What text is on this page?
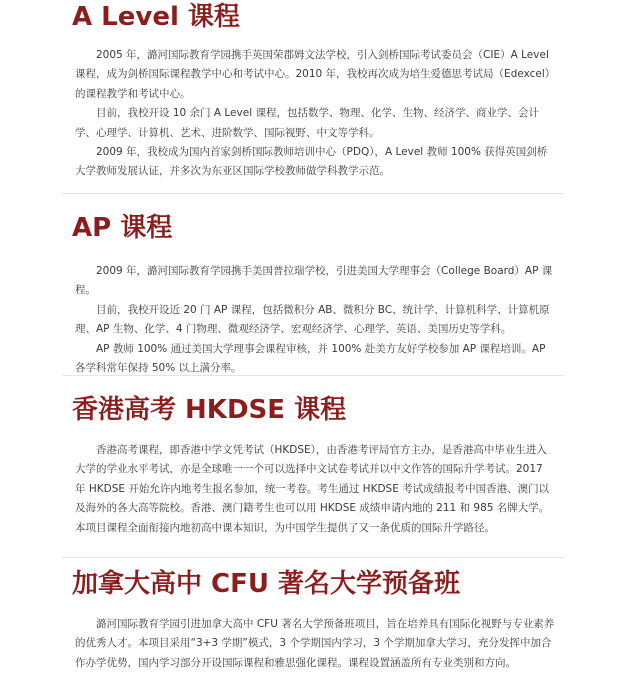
A Level 课程

2005 年，潞河国际教育学园携手英国荣郡姆文法学校，引入剑桥国际考试委员会（CIE）A Level 课程，成为剑桥国际课程教学中心和考试中心。2010 年，我校再次成为培生爱德思考试局（Edexcel）的课程教学和考试中心。

目前，我校开设 10 余门 A Level 课程，包括数学、物理、化学、生物、经济学、商业学、会计学、心理学、计算机、艺术、进阶数学、国际视野、中文等学科。

2009 年，我校成为国内首家剑桥国际教师培训中心（PDQ），A Level 教师 100% 获得英国剑桥大学教师发展认证，并多次为东亚区国际学校教师做学科教学示范。

AP 课程

2009 年，潞河国际教育学园携手美国普拉瑞学校，引进美国大学理事会（College Board）AP 课程。

目前，我校开设近 20 门 AP 课程，包括微积分 AB、微积分 BC、统计学、计算机科学、计算机原理、AP 生物、化学、4 门物理、微观经济学、宏观经济学、心理学、英语、美国历史等学科。

AP 教师 100% 通过美国大学理事会课程审核，并 100% 赴美方友好学校参加 AP 课程培训。AP 各学科常年保持 50% 以上满分率。

香港高考 HKDSE 课程

香港高考课程，即香港中学文凭考试（HKDSE），由香港考评局官方主办，是香港高中毕业生进入大学的学业水平考试，亦是全球唯一一个可以选择中文试卷考试并以中文作答的国际升学考试。2017 年 HKDSE 开始允许内地考生报名参加，统一考卷。考生通过 HKDSE 考试成绩报考中国香港、澳门以及海外的各大高等院校。香港、澳门籍考生也可以用 HKDSE 成绩申请内地的 211 和 985 名牌大学。本项目课程全面衔接内地初高中课本知识，为中国学生提供了又一条优质的国际升学路径。

加拿大高中 CFU 著名大学预备班

潞河国际教育学园引进加拿大高中 CFU 著名大学预备班项目，旨在培养具有国际化视野与专业素养的优秀人才。本项目采用“3+3 学期”模式，3 个学期国内学习，3 个学期加拿大学习，充分发挥中加合作办学优势，国内学习部分开设国际课程和雅思强化课程。课程设置涵盖所有专业类别和方向。
